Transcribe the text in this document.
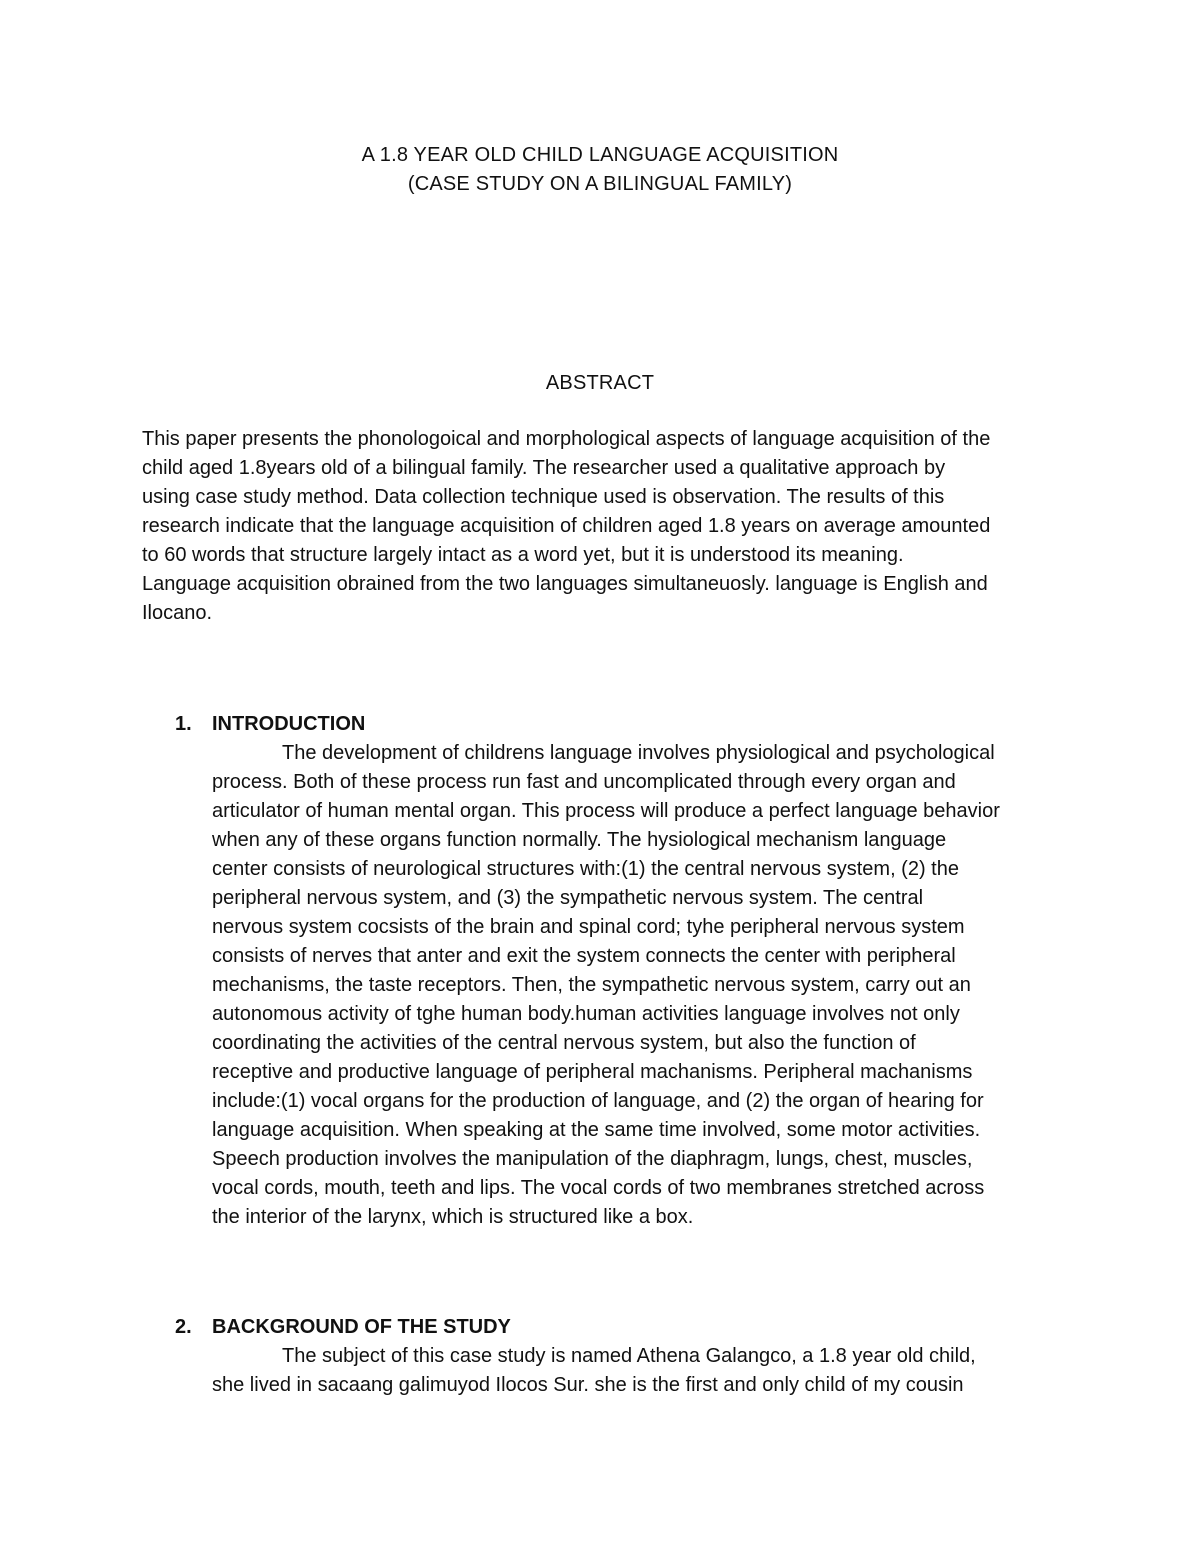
A 1.8 YEAR OLD CHILD LANGUAGE ACQUISITION
(CASE STUDY ON A BILINGUAL FAMILY)
ABSTRACT

This paper presents the phonologoical and morphological aspects of language acquisition of the
child aged 1.8years old of a bilingual family. The researcher used a qualitative approach by
using case study method. Data collection technique used is observation. The results of this
research indicate that the language acquisition of children aged 1.8 years on average amounted
to 60 words that structure largely intact as a word yet, but it is understood its meaning.
Language acquisition obrained from the two languages simultaneuosly. language is English and
Ilocano.

1. INTRODUCTION
The development of childrens language involves physiological and psychological
process. Both of these process run fast and uncomplicated through every organ and
articulator of human mental organ. This process will produce a perfect language behavior
when any of these organs function normally. The hysiological mechanism language
center consists of neurological structures with:(1) the central nervous system, (2) the
peripheral nervous system, and (3) the sympathetic nervous system. The central
nervous system cocsists of the brain and spinal cord; tyhe peripheral nervous system
consists of nerves that anter and exit the system connects the center with peripheral
mechanisms, the taste receptors. Then, the sympathetic nervous system, carry out an
autonomous activity of tghe human body.human activities language involves not only
coordinating the activities of the central nervous system, but also the function of
receptive and productive language of peripheral machanisms. Peripheral machanisms
include:(1) vocal organs for the production of language, and (2) the organ of hearing for
language acquisition. When speaking at the same time involved, some motor activities.
Speech production involves the manipulation of the diaphragm, lungs, chest, muscles,
vocal cords, mouth, teeth and lips. The vocal cords of two membranes stretched across
the interior of the larynx, which is structured like a box.
2. BACKGROUND OF THE STUDY
The subject of this case study is named Athena Galangco, a 1.8 year old child,
she lived in sacaang galimuyod Ilocos Sur. she is the first and only child of my cousin
